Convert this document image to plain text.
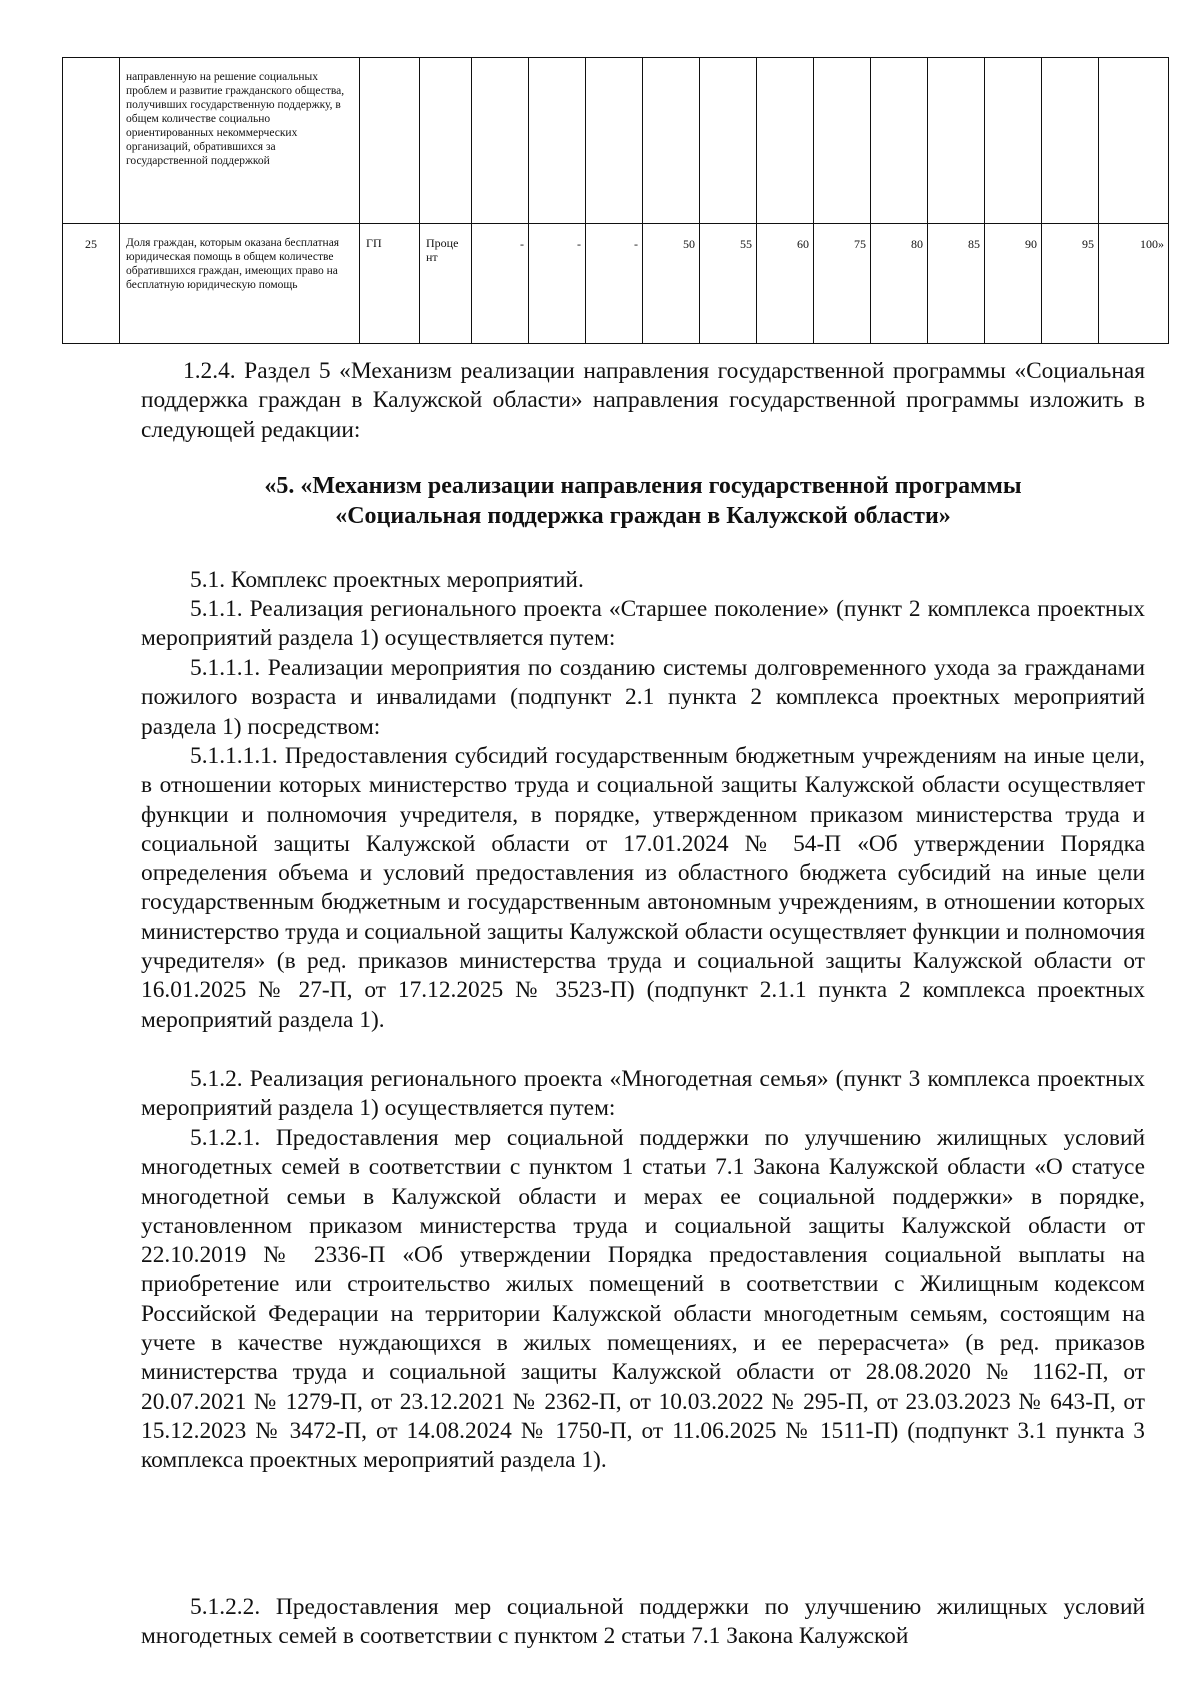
	направленную на решение социальных проблем и развитие гражданского общества, получивших государственную поддержку, в общем количестве социально ориентированных некоммерческих организаций, обратившихся за государственной поддержкой														
25	Доля граждан, которым оказана бесплатная юридическая помощь в общем количестве обратившихся граждан, имеющих право на бесплатную юридическую помощь	ГП	Проце нт	-	-	-	50	55	60	75	80	85	90	95	100»

1.2.4. Раздел 5 «Механизм реализации направления государственной программы «Социальная поддержка граждан в Калужской области» направления государственной программы изложить в следующей редакции:

«5. «Механизм реализации направления государственной программы
«Социальная поддержка граждан в Калужской области»

5.1. Комплекс проектных мероприятий.

5.1.1. Реализация регионального проекта «Старшее поколение» (пункт 2 комплекса проектных мероприятий раздела 1) осуществляется путем:

5.1.1.1. Реализации мероприятия по созданию системы долговременного ухода за гражданами пожилого возраста и инвалидами (подпункт 2.1 пункта 2 комплекса проектных мероприятий раздела 1) посредством:

5.1.1.1.1. Предоставления субсидий государственным бюджетным учреждениям на иные цели, в отношении которых министерство труда и социальной защиты Калужской области осуществляет функции и полномочия учредителя, в порядке, утвержденном приказом министерства труда и социальной защиты Калужской области от 17.01.2024 № 54-П «Об утверждении Порядка определения объема и условий предоставления из областного бюджета субсидий на иные цели государственным бюджетным и государственным автономным учреждениям, в отношении которых министерство труда и социальной защиты Калужской области осуществляет функции и полномочия учредителя» (в ред. приказов министерства труда и социальной защиты Калужской области от 16.01.2025 № 27-П, от 17.12.2025 № 3523-П) (подпункт 2.1.1 пункта 2 комплекса проектных мероприятий раздела 1).

5.1.2. Реализация регионального проекта «Многодетная семья» (пункт 3 комплекса проектных мероприятий раздела 1) осуществляется путем:

5.1.2.1. Предоставления мер социальной поддержки по улучшению жилищных условий многодетных семей в соответствии с пунктом 1 статьи 7.1 Закона Калужской области «О статусе многодетной семьи в Калужской области и мерах ее социальной поддержки» в порядке, установленном приказом министерства труда и социальной защиты Калужской области от 22.10.2019 № 2336-П «Об утверждении Порядка предоставления социальной выплаты на приобретение или строительство жилых помещений в соответствии с Жилищным кодексом Российской Федерации на территории Калужской области многодетным семьям, состоящим на учете в качестве нуждающихся в жилых помещениях, и ее перерасчета» (в ред. приказов министерства труда и социальной защиты Калужской области от 28.08.2020 № 1162-П, от 20.07.2021 № 1279-П, от 23.12.2021 № 2362-П, от 10.03.2022 № 295-П, от 23.03.2023 № 643-П, от 15.12.2023 № 3472-П, от 14.08.2024 № 1750-П, от 11.06.2025 № 1511-П) (подпункт 3.1 пункта 3 комплекса проектных мероприятий раздела 1).

5.1.2.2. Предоставления мер социальной поддержки по улучшению жилищных условий многодетных семей в соответствии с пунктом 2 статьи 7.1 Закона Калужской
